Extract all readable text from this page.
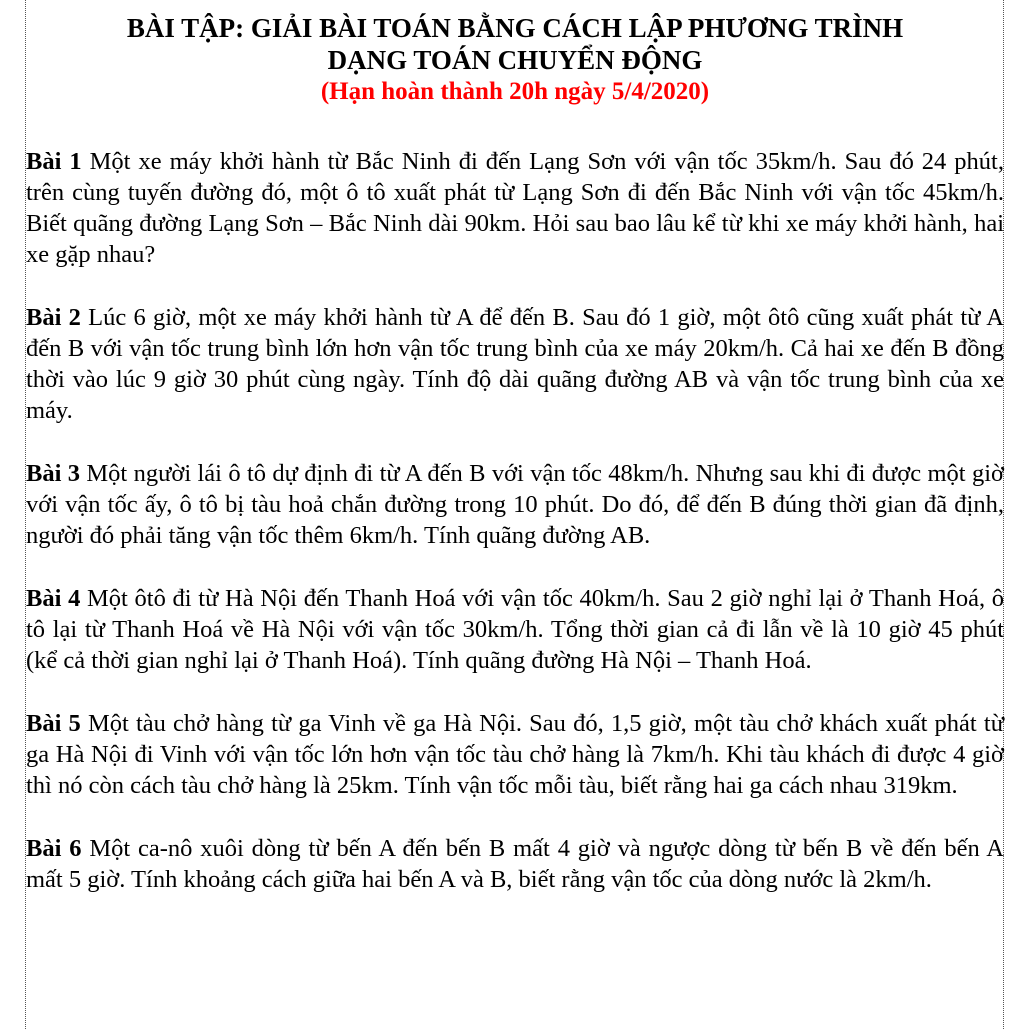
BÀI TẬP: GIẢI BÀI TOÁN BẰNG CÁCH LẬP PHƯƠNG TRÌNH

DẠNG TOÁN CHUYỂN ĐỘNG

(Hạn hoàn thành 20h ngày 5/4/2020)

Bài 1 Một xe máy khởi hành từ Bắc Ninh đi đến Lạng Sơn với vận tốc 35km/h. Sau đó 24 phút, trên cùng tuyến đường đó, một ô tô xuất phát từ Lạng Sơn đi đến Bắc Ninh với vận tốc 45km/h. Biết quãng đường Lạng Sơn – Bắc Ninh dài 90km. Hỏi sau bao lâu kể từ khi xe máy khởi hành, hai xe gặp nhau?

Bài 2 Lúc 6 giờ, một xe máy khởi hành từ A để đến B. Sau đó 1 giờ, một ôtô cũng xuất phát từ A đến B với vận tốc trung bình lớn hơn vận tốc trung bình của xe máy 20km/h. Cả hai xe đến B đồng thời vào lúc 9 giờ 30 phút cùng ngày. Tính độ dài quãng đường AB và vận tốc trung bình của xe máy.

Bài 3 Một người lái ô tô dự định đi từ A đến B với vận tốc 48km/h. Nhưng sau khi đi được một giờ với vận tốc ấy, ô tô bị tàu hoả chắn đường trong 10 phút. Do đó, để đến B đúng thời gian đã định, người đó phải tăng vận tốc thêm 6km/h. Tính quãng đường AB.

Bài 4 Một ôtô đi từ Hà Nội đến Thanh Hoá với vận tốc 40km/h. Sau 2 giờ nghỉ lại ở Thanh Hoá, ô tô lại từ Thanh Hoá về Hà Nội với vận tốc 30km/h. Tổng thời gian cả đi lẫn về là 10 giờ 45 phút (kể cả thời gian nghỉ lại ở Thanh Hoá). Tính quãng đường Hà Nội – Thanh Hoá.

Bài 5 Một tàu chở hàng từ ga Vinh về ga Hà Nội. Sau đó, 1,5 giờ, một tàu chở khách xuất phát từ ga Hà Nội đi Vinh với vận tốc lớn hơn vận tốc tàu chở hàng là 7km/h. Khi tàu khách đi được 4 giờ thì nó còn cách tàu chở hàng là 25km. Tính vận tốc mỗi tàu, biết rằng hai ga cách nhau 319km.

Bài 6 Một ca-nô xuôi dòng từ bến A đến bến B mất 4 giờ và ngược dòng từ bến B về đến bến A mất 5 giờ. Tính khoảng cách giữa hai bến A và B, biết rằng vận tốc của dòng nước là 2km/h.
